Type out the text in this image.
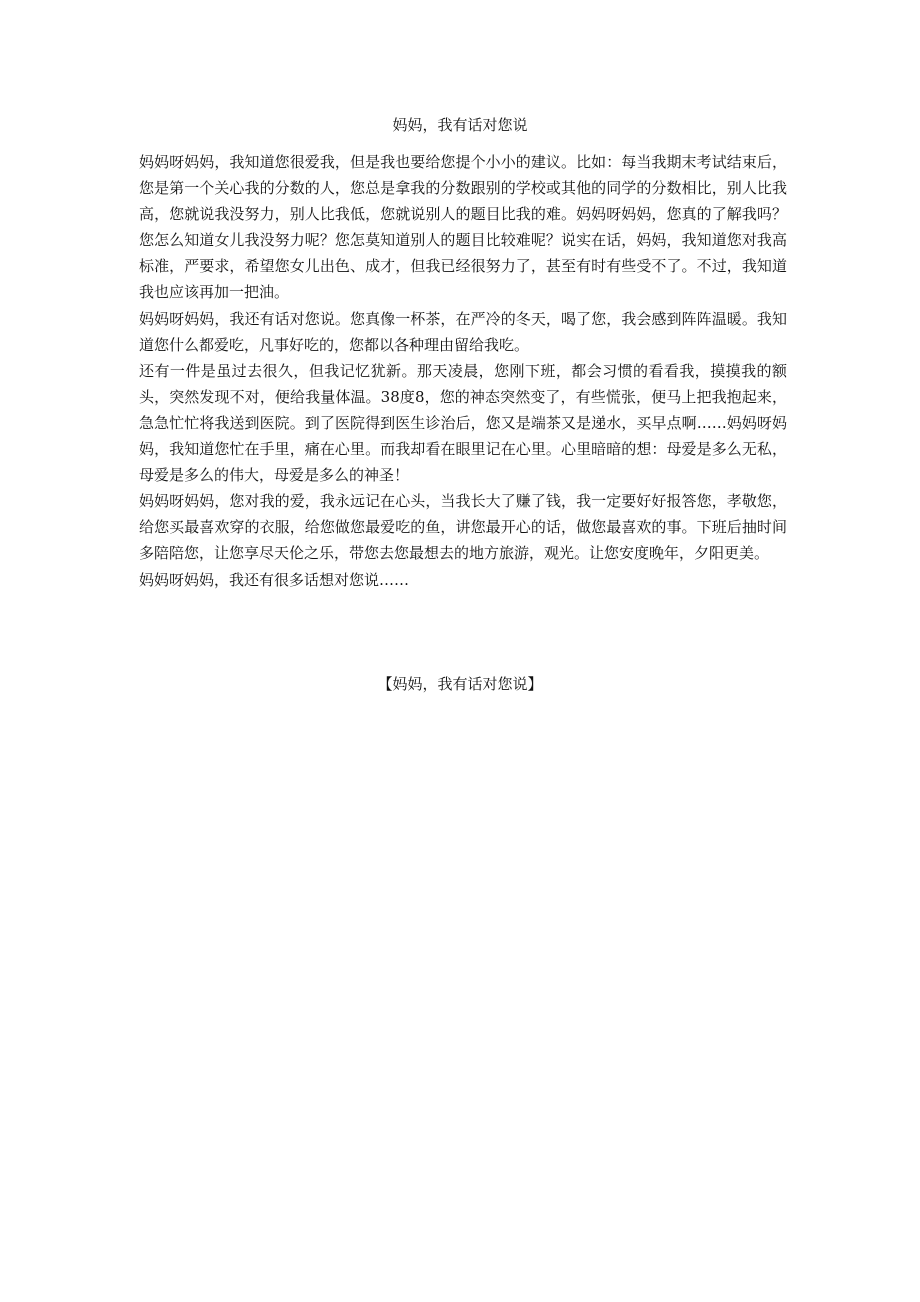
妈妈，我有话对您说

妈妈呀妈妈，我知道您很爱我，但是我也要给您提个小小的建议。比如：每当我期末考试结束后，您是第一个关心我的分数的人，您总是拿我的分数跟别的学校或其他的同学的分数相比，别人比我高，您就说我没努力，别人比我低，您就说别人的题目比我的难。妈妈呀妈妈，您真的了解我吗？您怎么知道女儿我没努力呢？您怎莫知道别人的题目比较难呢？说实在话，妈妈，我知道您对我高标准，严要求，希望您女儿出色、成才，但我已经很努力了，甚至有时有些受不了。不过，我知道我也应该再加一把油。

妈妈呀妈妈，我还有话对您说。您真像一杯茶，在严冷的冬天，喝了您，我会感到阵阵温暖。我知道您什么都爱吃，凡事好吃的，您都以各种理由留给我吃。

还有一件是虽过去很久，但我记忆犹新。那天凌晨，您刚下班，都会习惯的看看我，摸摸我的额头，突然发现不对，便给我量体温。38度8，您的神态突然变了，有些慌张，便马上把我抱起来，急急忙忙将我送到医院。到了医院得到医生诊治后，您又是端茶又是递水，买早点啊……妈妈呀妈妈，我知道您忙在手里，痛在心里。而我却看在眼里记在心里。心里暗暗的想：母爱是多么无私，母爱是多么的伟大，母爱是多么的神圣！

妈妈呀妈妈，您对我的爱，我永远记在心头，当我长大了赚了钱，我一定要好好报答您，孝敬您，给您买最喜欢穿的衣服，给您做您最爱吃的鱼，讲您最开心的话，做您最喜欢的事。下班后抽时间多陪陪您，让您享尽天伦之乐，带您去您最想去的地方旅游，观光。让您安度晚年，夕阳更美。

妈妈呀妈妈，我还有很多话想对您说……

【妈妈，我有话对您说】
